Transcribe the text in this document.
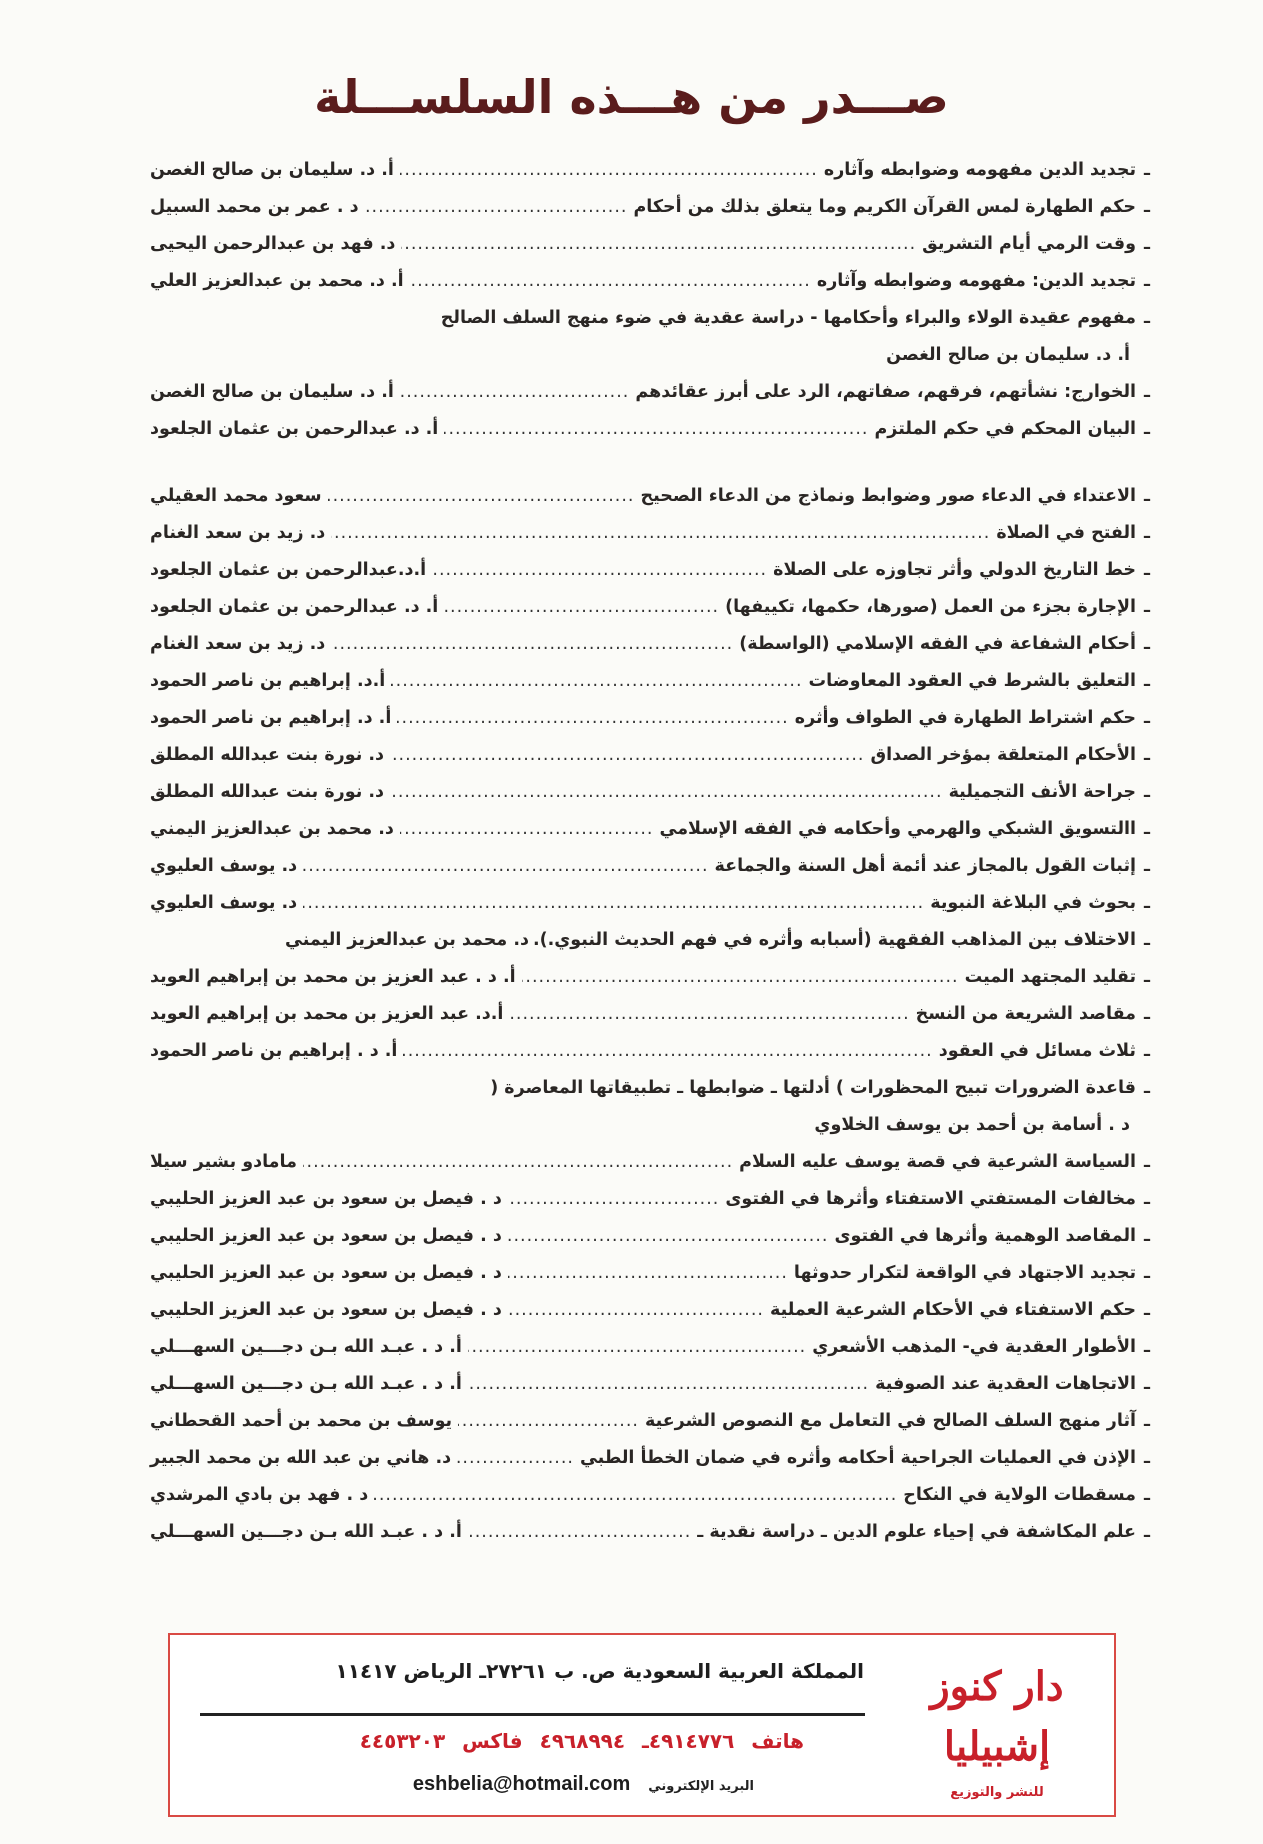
صـــدر من هـــذه السلســـلة
ـ
تجديد الدين مفهومه وضوابطه وآثاره
.....
أ. د. سليمان بن صالح الغصن
ـ
حكم الطهارة لمس القرآن الكريم وما يتعلق بذلك من أحكام
.....
د . عمر بن محمد السبيل
ـ
وقت الرمي أيام التشريق
.....
د. فهد بن عبدالرحمن اليحيى
ـ
تجديد الدين: مفهومه وضوابطه وآثاره
.....
أ. د. محمد بن عبدالعزيز العلي
ـ
مفهوم عقيدة الولاء والبراء وأحكامها - دراسة عقدية في ضوء منهج السلف الصالح
أ. د. سليمان بن صالح الغصن
ـ
الخوارج: نشأتهم، فرقهم، صفاتهم، الرد على أبرز عقائدهم
.....
أ. د. سليمان بن صالح الغصن
ـ
البيان المحكم في حكم الملتزم
.....
أ. د. عبدالرحمن بن عثمان الجلعود
ـ
الاعتداء في الدعاء صور وضوابط ونماذج من الدعاء الصحيح
.....
سعود محمد العقيلي
ـ
الفتح في الصلاة
.....
د. زيد بن سعد الغنام
ـ
خط التاريخ الدولي وأثر تجاوزه على الصلاة
.....
أ.د.عبدالرحمن بن عثمان الجلعود
ـ
الإجارة بجزء من العمل (صورها، حكمها، تكييفها)
.....
أ. د. عبدالرحمن بن عثمان الجلعود
ـ
أحكام الشفاعة في الفقه الإسلامي (الواسطة)
.....
د. زيد بن سعد الغنام
ـ
التعليق بالشرط في العقود المعاوضات
.....
أ.د. إبراهيم بن ناصر الحمود
ـ
حكم اشتراط الطهارة في الطواف وأثره
.....
أ. د. إبراهيم بن ناصر الحمود
ـ
الأحكام المتعلقة بمؤخر الصداق
.....
د. نورة بنت عبدالله المطلق
ـ
جراحة الأنف التجميلية
.....
د. نورة بنت عبدالله المطلق
ـ
االتسويق الشبكي والهرمي وأحكامه في الفقه الإسلامي
.....
د. محمد بن عبدالعزيز اليمني
ـ
إثبات القول بالمجاز عند أئمة أهل السنة والجماعة
.....
د. يوسف العليوي
ـ
بحوث في البلاغة النبوية
.....
د. يوسف العليوي
ـ
الاختلاف بين المذاهب الفقهية (أسبابه وأثره في فهم الحديث النبوي.).
د. محمد بن عبدالعزيز اليمني
ـ
تقليد المجتهد الميت
.....
أ. د . عبد العزيز بن محمد بن إبراهيم العويد
ـ
مقاصد الشريعة من النسخ
.....
أ.د. عبد العزيز بن محمد بن إبراهيم العويد
ـ
ثلاث مسائل في العقود
.....
أ. د . إبراهيم بن ناصر الحمود
ـ
قاعدة الضرورات تبيح المحظورات ) أدلتها ـ ضوابطها ـ تطبيقاتها المعاصرة (
د . أسامة بن أحمد بن يوسف الخلاوي
ـ
السياسة الشرعية في قصة يوسف عليه السلام
.....
مامادو بشير سيلا
ـ
مخالفات المستفتي الاستفتاء وأثرها في الفتوى
.....
د . فيصل بن سعود بن عبد العزيز الحليبي
ـ
المقاصد الوهمية وأثرها في الفتوى
.....
د . فيصل بن سعود بن عبد العزيز الحليبي
ـ
تجديد الاجتهاد في الواقعة لتكرار حدوثها
.....
د . فيصل بن سعود بن عبد العزيز الحليبي
ـ
حكم الاستفتاء في الأحكام الشرعية العملية
.....
د . فيصل بن سعود بن عبد العزيز الحليبي
ـ
الأطوار العقدية في- المذهب الأشعري
.....
أ. د . عبـد الله بـن دجـــين السهـــلي
ـ
الاتجاهات العقدية عند الصوفية
.....
أ. د . عبـد الله بـن دجـــين السهـــلي
ـ
آثار منهج السلف الصالح في التعامل مع النصوص الشرعية
.....
يوسف بن محمد بن أحمد القحطاني
ـ
الإذن في العمليات الجراحية أحكامه وأثره في ضمان الخطأ الطبي
.....
د. هاني بن عبد الله بن محمد الجبير
ـ
مسقطات الولاية في النكاح
.....
د . فهد بن بادي المرشدي
ـ
علم المكاشفة في إحياء علوم الدين ـ دراسة نقدية ـ
.....
أ. د . عبـد الله بـن دجـــين السهـــلي
دار كنوز إشبيليا
للنشر والتوزيع
المملكة العربية السعودية ص. ب ٢٧٢٦١ـ الرياض ١١٤١٧
هاتف ٤٩١٤٧٧٦ـ ٤٩٦٨٩٩٤ فاكس ٤٤٥٣٢٠٣
البريد الإلكتروني
eshbelia@hotmail.com
